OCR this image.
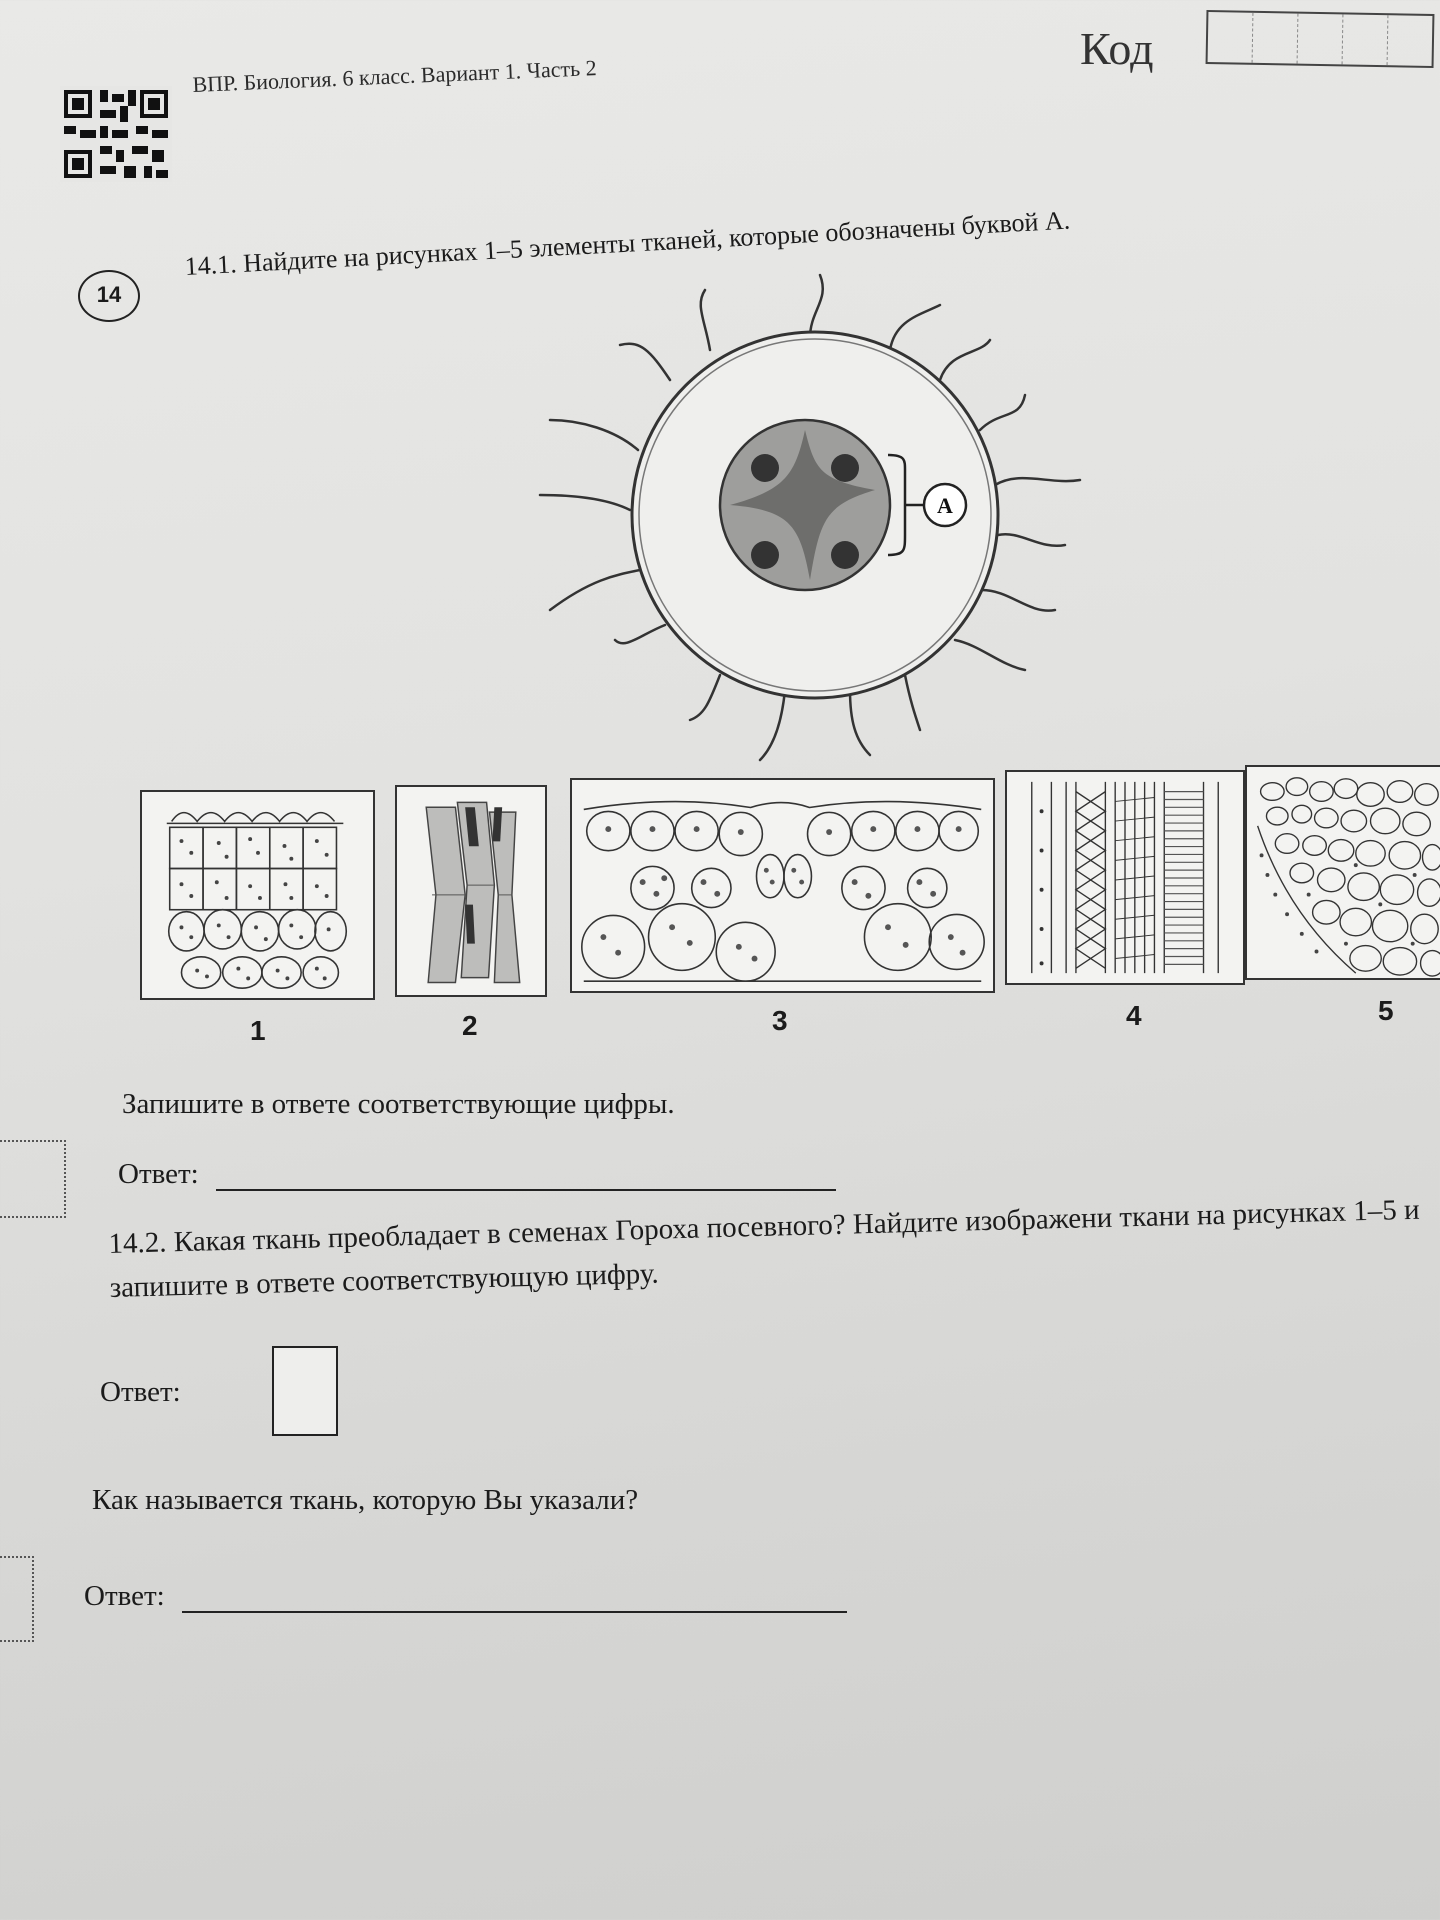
ВПР. Биология. 6 класс. Вариант 1. Часть 2
Код
14
14.1. Найдите на рисунках 1–5 элементы тканей, которые обозначены буквой А.
А
1	2	3	4	5
Запишите в ответе соответствующие цифры.
Ответ:
14.2. Какая ткань преобладает в семенах Гороха посевного? Найдите изображени ткани на рисунках 1–5 и запишите в ответе соответствующую цифру.
Ответ:
Как называется ткань, которую Вы указали?
Ответ:
